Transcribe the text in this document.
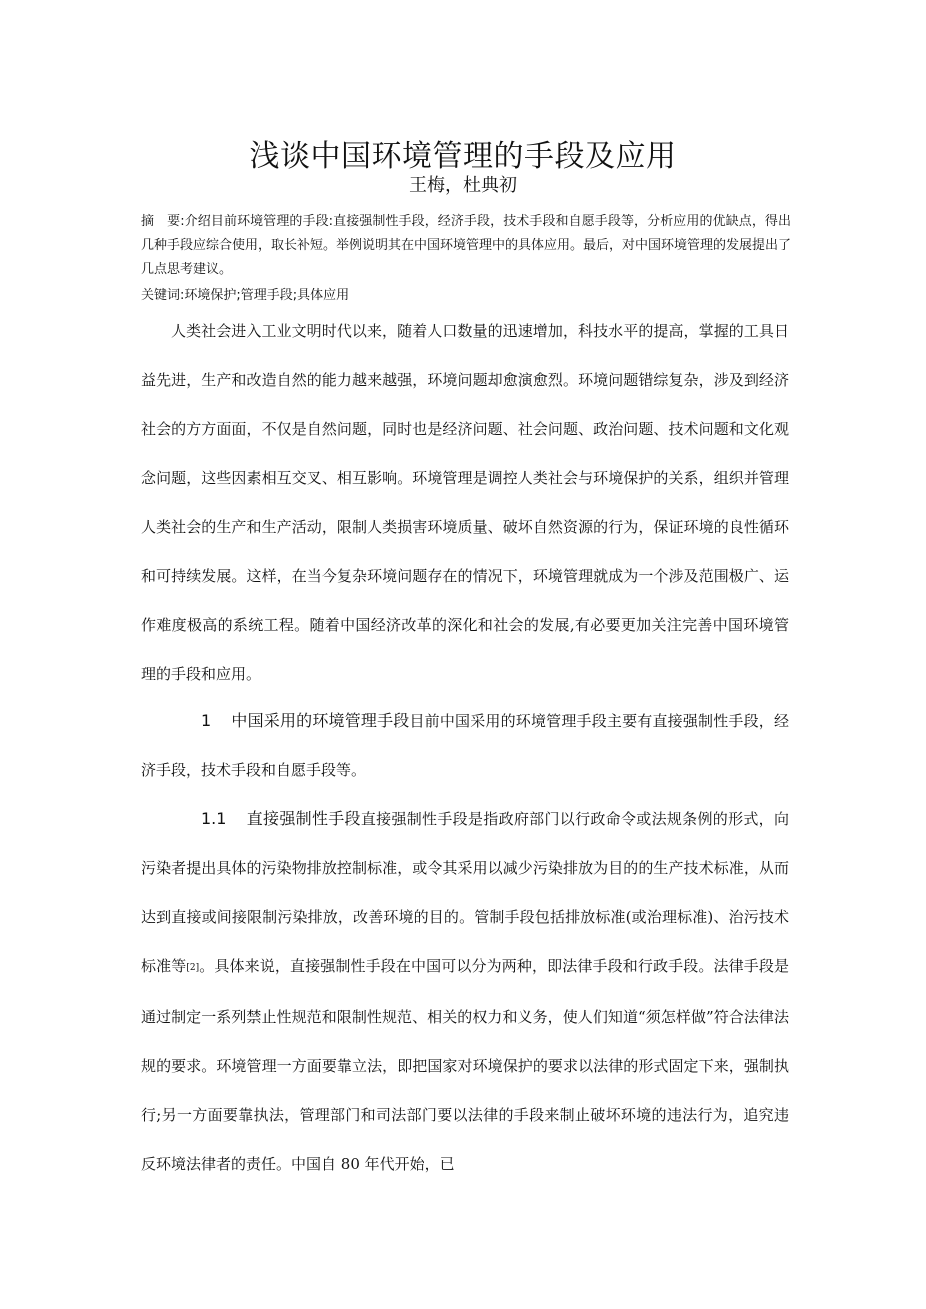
浅谈中国环境管理的手段及应用
王梅，杜典初
摘　要:介绍目前环境管理的手段:直接强制性手段，经济手段，技术手段和自愿手段等，分析应用的优缺点，得出几种手段应综合使用，取长补短。举例说明其在中国环境管理中的具体应用。最后，对中国环境管理的发展提出了几点思考建议。
关键词:环境保护;管理手段;具体应用

人类社会进入工业文明时代以来，随着人口数量的迅速增加，科技水平的提高，掌握的工具日益先进，生产和改造自然的能力越来越强，环境问题却愈演愈烈。环境问题错综复杂，涉及到经济社会的方方面面，不仅是自然问题，同时也是经济问题、社会问题、政治问题、技术问题和文化观念问题，这些因素相互交叉、相互影响。环境管理是调控人类社会与环境保护的关系，组织并管理人类社会的生产和生产活动，限制人类损害环境质量、破坏自然资源的行为，保证环境的良性循环和可持续发展。这样，在当今复杂环境问题存在的情况下，环境管理就成为一个涉及范围极广、运作难度极高的系统工程。随着中国经济改革的深化和社会的发展,有必要更加关注完善中国环境管理的手段和应用。

1 中国采用的环境管理手段目前中国采用的环境管理手段主要有直接强制性手段，经济手段，技术手段和自愿手段等。

1.1 直接强制性手段直接强制性手段是指政府部门以行政命令或法规条例的形式，向污染者提出具体的污染物排放控制标准，或令其采用以减少污染排放为目的的生产技术标准，从而达到直接或间接限制污染排放，改善环境的目的。管制手段包括排放标准(或治理标准)、治污技术标准等[2]。具体来说，直接强制性手段在中国可以分为两种，即法律手段和行政手段。法律手段是通过制定一系列禁止性规范和限制性规范、相关的权力和义务，使人们知道“须怎样做”符合法律法规的要求。环境管理一方面要靠立法，即把国家对环境保护的要求以法律的形式固定下来，强制执行;另一方面要靠执法，管理部门和司法部门要以法律的手段来制止破坏环境的违法行为，追究违反环境法律者的责任。中国自 80 年代开始，已
